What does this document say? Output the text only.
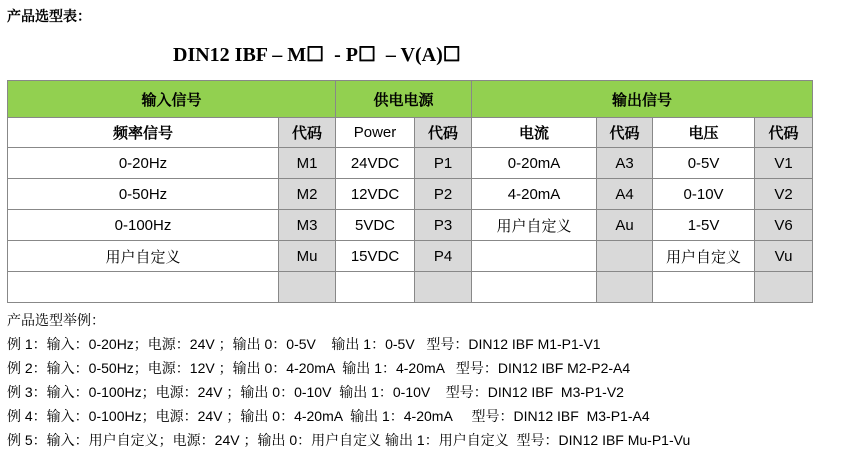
产品选型表：
DIN12 IBF – M☐  - P☐  – V(A)☐
输入信号		供电电源		输出信号			
频率信号	代码	Power	代码	电流	代码	电压	代码
0-20Hz	M1	24VDC	P1	0-20mA	A3	0-5V	V1
0-50Hz	M2	12VDC	P2	4-20mA	A4	0-10V	V2
0-100Hz	M3	5VDC	P3	用户自定义	Au	1-5V	V6
用户自定义	Mu	15VDC	P4			用户自定义	Vu

产品选型举例：
例 1：输入：0-20Hz；电源：24V ；输出 0：0-5V    输出 1：0-5V   型号：DIN12 IBF M1-P1-V1
例 2：输入：0-50Hz；电源：12V ；输出 0：4-20mA  输出 1：4-20mA   型号：DIN12 IBF M2-P2-A4
例 3：输入：0-100Hz；电源：24V ；输出 0：0-10V  输出 1：0-10V    型号：DIN12 IBF  M3-P1-V2
例 4：输入：0-100Hz；电源：24V ；输出 0：4-20mA  输出 1：4-20mA     型号：DIN12 IBF  M3-P1-A4
例 5：输入：用户自定义；电源：24V ；输出 0：用户自定义 输出 1：用户自定义  型号：DIN12 IBF Mu-P1-Vu
